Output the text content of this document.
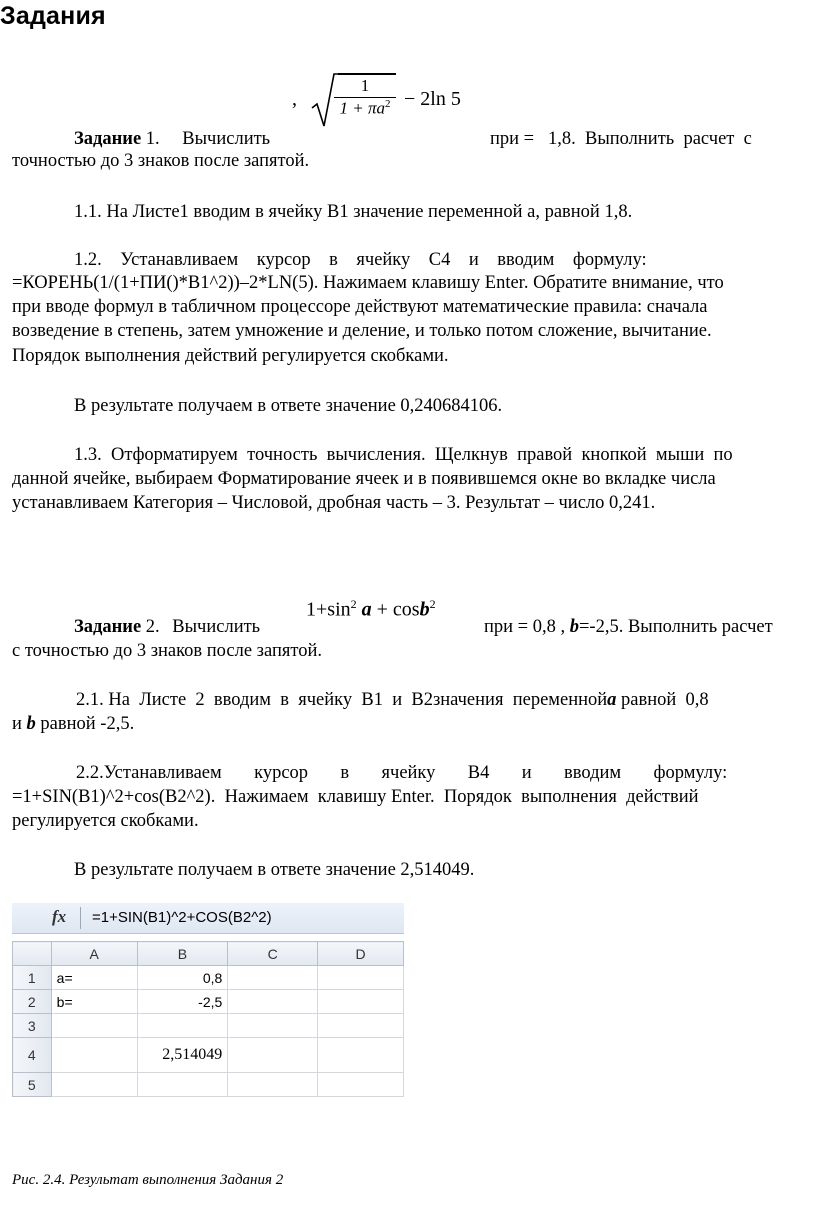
Задания
, $\frac{1}{1 + \pi a^2} - 2\ln$ 5
Задание 1. Вычислить	при =   1,8.  Выполнить  расчет  с
точностью до 3 знаков после запятой.
1.1. На Листе1 вводим в ячейку B1 значение переменной a, равной 1,8.
1.2.    Устанавливаем    курсор    в    ячейку    С4    и    вводим    формулу:
=КОРЕНЬ(1/(1+ПИ()*B1^2))–2*LN(5). Нажимаем клавишу Enter. Обратите внимание, что
при вводе формул в табличном процессоре действуют математические правила: сначала
возведение в степень, затем умножение и деление, и только потом сложение, вычитание.
Порядок выполнения действий регулируется скобками.
В результате получаем в ответе значение 0,240684106.
1.3.  Отформатируем  точность  вычисления.  Щелкнув  правой  кнопкой  мыши  по
данной ячейке, выбираем Форматирование ячеек и в появившемся окне во вкладке числа
устанавливаем Категория – Числовой, дробная часть – 3. Результат – число 0,241.
$1+\sin^2$ a + cosb$^2$
Задание 2. Вычислить	при = 0,8 , b=-2,5. Выполнить расчет
с точностью до 3 знаков после запятой.
2.1. На  Листе  2  вводим  в  ячейку  В1  и  В2значения  переменнойa равной  0,8
и b равной -2,5.
2.2.Устанавливаем       курсор       в       ячейку       В4       и       вводим       формулу:
=1+SIN(B1)^2+cos(B2^2).  Нажимаем  клавишу Enter.  Порядок  выполнения  действий
регулируется скобками.
В результате получаем в ответе значение 2,514049.
fx =1+SIN(B1)^2+COS(B2^2)
	A	B	C	D
1	a=	0,8		
2	b=	-2,5		
3				
4		2,514049		
5				
Рис. 2.4. Результат выполнения Задания 2
